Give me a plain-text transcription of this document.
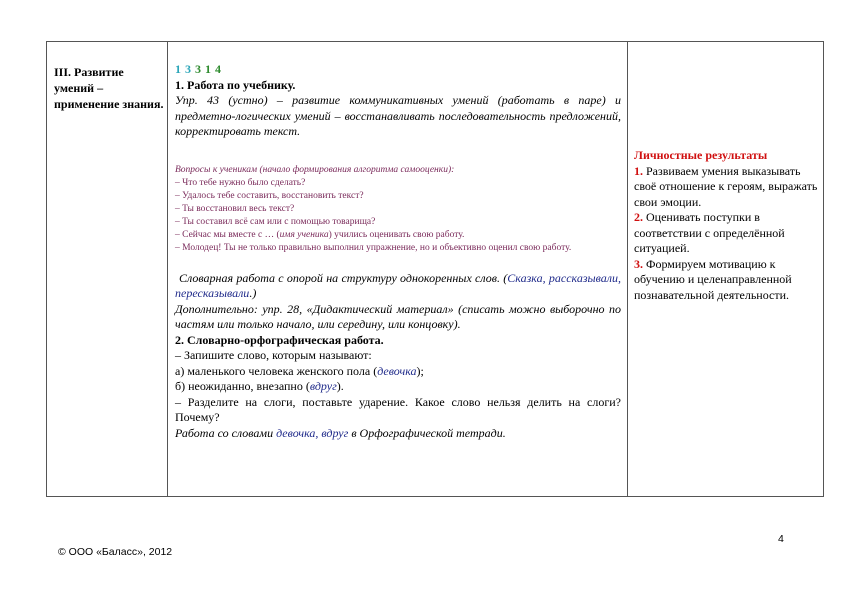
III. Развитие умений – применение знания.
1 3 3 1 4

1. Работа по учебнику.

Упр. 43 (устно) – развитие коммуникативных умений (работать в паре) и предметно-логических умений – восстанавливать последовательность предложений, корректировать текст.

Вопросы к ученикам (начало формирования алгоритма самооценки):

– Что тебе нужно было сделать?

– Удалось тебе составить, восстановить текст?

– Ты восстановил весь текст?

– Ты составил всё сам или с помощью товарища?

– Сейчас мы вместе с … (имя ученика) учились оценивать свою работу.

– Молодец! Ты не только правильно выполнил упражнение, но и объективно оценил свою работу.

Словарная работа с опорой на структуру однокоренных слов. (Сказка, рассказывали, пересказывали.)

Дополнительно: упр. 28, «Дидактический материал» (списать можно выборочно по частям или только начало, или середину, или концовку).

2. Словарно-орфографическая работа.

– Запишите слово, которым называют:

а) маленького человека женского пола (девочка);

б) неожиданно, внезапно (вдруг).

– Разделите на слоги, поставьте ударение. Какое слово нельзя делить на слоги? Почему?

Работа со словами девочка, вдруг в Орфографической тетради.

Личностные результаты

1. Развиваем умения выказывать своё отношение к героям, выражать свои эмоции.

2. Оценивать поступки в соответствии с определённой ситуацией.

3. Формируем мотивацию к обучению и целенаправленной познавательной деятельности.

4
© ООО «Баласс», 2012
